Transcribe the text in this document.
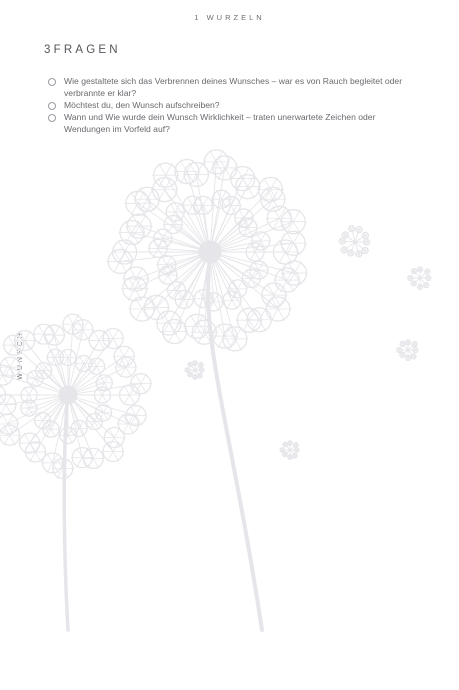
1 WURZELN
3FRAGEN
Wie gestaltete sich das Verbrennen deines Wunsches – war es von Rauch begleitet oder verbrannte er klar?
Möchtest du, den Wunsch aufschreiben?
Wann und Wie wurde dein Wunsch Wirklichkeit – traten unerwartete Zeichen oder Wendungen im Vorfeld auf?
WUNSCH
